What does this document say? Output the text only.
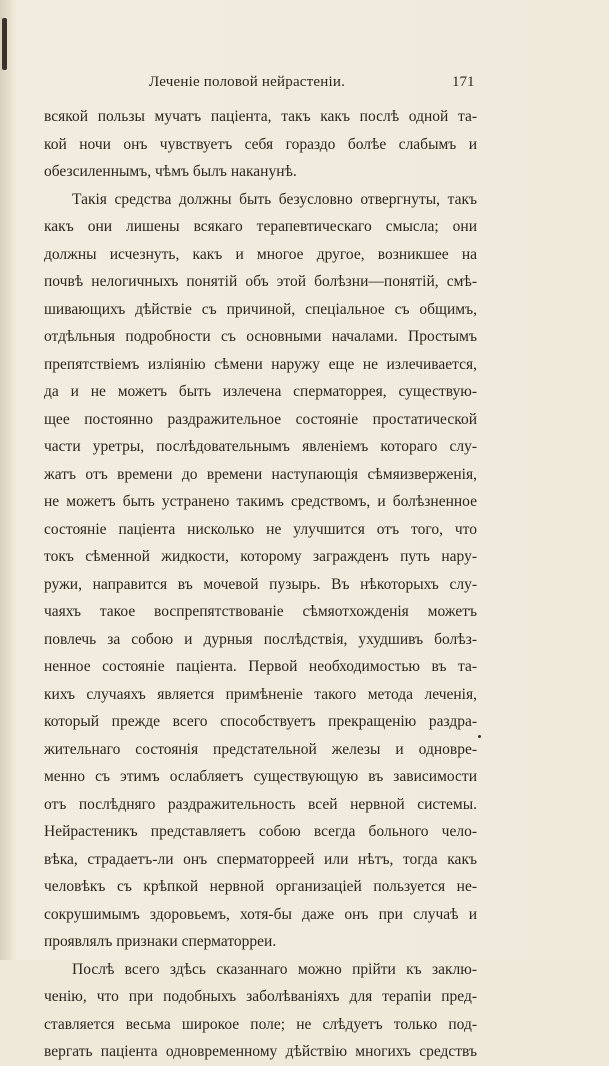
Леченіе половой нейрастеніи.	171
всякой пользы мучатъ паціента, такъ какъ послѣ одной та-
кой ночи онъ чувствуетъ себя гораздо болѣе слабымъ и
обезсиленнымъ, чѣмъ былъ наканунѣ.
Такія средства должны быть безусловно отвергнуты, такъ
какъ они лишены всякаго терапевтическаго смысла; они
должны исчезнуть, какъ и многое другое, возникшее на
почвѣ нелогичныхъ понятій объ этой болѣзни—понятій, смѣ-
шивающихъ дѣйствіе съ причиной, спеціальное съ общимъ,
отдѣльныя подробности съ основными началами. Простымъ
препятствіемъ изліянію сѣмени наружу еще не излечивается,
да и не можетъ быть излечена сперматоррея, существую-
щее постоянно раздражительное состояніе простатической
части уретры, послѣдовательнымъ явленіемъ котораго слу-
жатъ отъ времени до времени наступающія сѣмяизверженія,
не можетъ быть устранено такимъ средствомъ, и болѣзненное
состояніе паціента нисколько не улучшится отъ того, что
токъ сѣменной жидкости, которому загражденъ путь нару-
ружи, направится въ мочевой пузырь. Въ нѣкоторыхъ слу-
чаяхъ такое воспрепятствованіе сѣмяотхожденія можетъ
повлечь за собою и дурныя послѣдствія, ухудшивъ болѣз-
ненное состояніе паціента. Первой необходимостью въ та-
кихъ случаяхъ является примѣненіе такого метода леченія,
который прежде всего способствуетъ прекращенію раздра-
жительнаго состоянія предстательной железы и одновре-
менно съ этимъ ослабляетъ существующую въ зависимости
отъ послѣдняго раздражительность всей нервной системы.
Нейрастеникъ представляетъ собою всегда больного чело-
вѣка, страдаетъ-ли онъ сперматорреей или нѣтъ, тогда какъ
человѣкъ съ крѣпкой нервной организаціей пользуется не-
сокрушимымъ здоровьемъ, хотя-бы даже онъ при случаѣ и
проявлялъ признаки сперматорреи.
Послѣ всего здѣсь сказаннаго можно прійти къ заклю-
ченію, что при подобныхъ заболѣваніяхъ для терапіи пред-
ставляется весьма широкое поле; не слѣдуетъ только под-
вергать паціента одновременному дѣйствію многихъ средствъ
